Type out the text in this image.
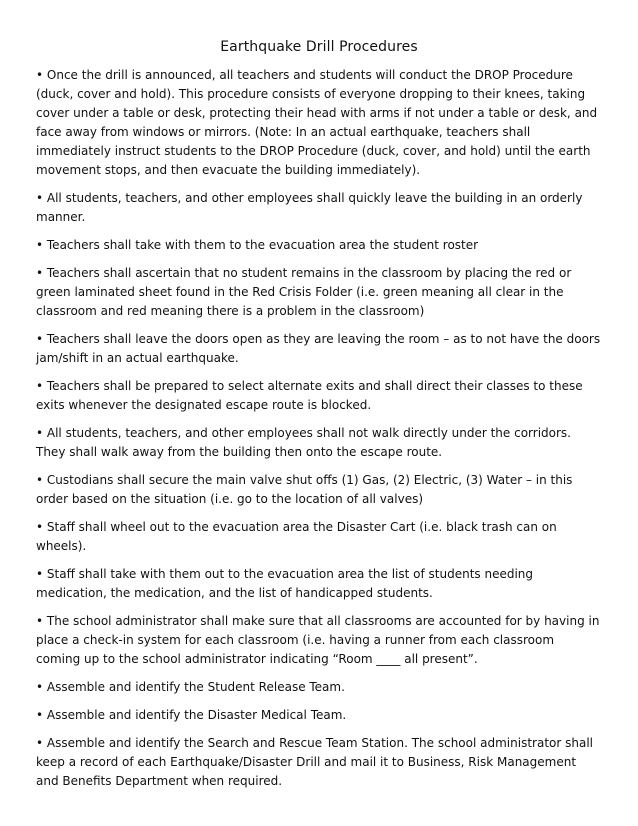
Earthquake Drill Procedures

• Once the drill is announced, all teachers and students will conduct the DROP Procedure (duck, cover and hold). This procedure consists of everyone dropping to their knees, taking cover under a table or desk, protecting their head with arms if not under a table or desk, and face away from windows or mirrors. (Note: In an actual earthquake, teachers shall immediately instruct students to the DROP Procedure (duck, cover, and hold) until the earth movement stops, and then evacuate the building immediately).

• All students, teachers, and other employees shall quickly leave the building in an orderly manner.

• Teachers shall take with them to the evacuation area the student roster

• Teachers shall ascertain that no student remains in the classroom by placing the red or green laminated sheet found in the Red Crisis Folder (i.e. green meaning all clear in the classroom and red meaning there is a problem in the classroom)

• Teachers shall leave the doors open as they are leaving the room – as to not have the doors jam/shift in an actual earthquake.

• Teachers shall be prepared to select alternate exits and shall direct their classes to these exits whenever the designated escape route is blocked.

• All students, teachers, and other employees shall not walk directly under the corridors. They shall walk away from the building then onto the escape route.

• Custodians shall secure the main valve shut offs (1) Gas, (2) Electric, (3) Water – in this order based on the situation (i.e. go to the location of all valves)

• Staff shall wheel out to the evacuation area the Disaster Cart (i.e. black trash can on wheels).

• Staff shall take with them out to the evacuation area the list of students needing medication, the medication, and the list of handicapped students.

• The school administrator shall make sure that all classrooms are accounted for by having in place a check-in system for each classroom (i.e. having a runner from each classroom coming up to the school administrator indicating “Room ____ all present”.

• Assemble and identify the Student Release Team.

• Assemble and identify the Disaster Medical Team.

• Assemble and identify the Search and Rescue Team Station. The school administrator shall keep a record of each Earthquake/Disaster Drill and mail it to Business, Risk Management and Benefits Department when required.
